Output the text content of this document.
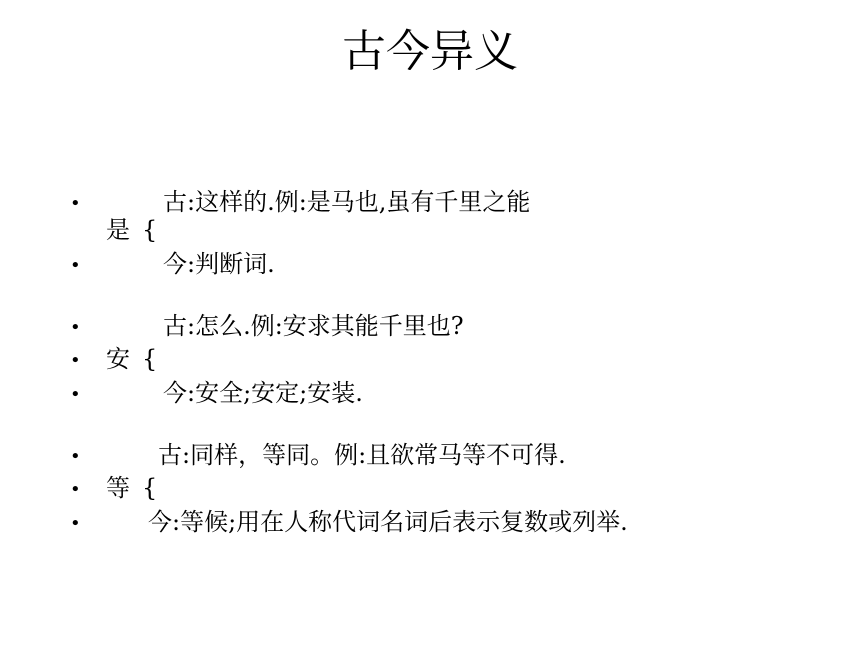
古今异义
•	古:这样的.例:是马也,虽有千里之能
是 {
•	今:判断词.
•	古:怎么.例:安求其能千里也?
• 安 {
•	今:安全;安定;安装.
•	古:同样，等同。例:且欲常马等不可得.
• 等 {
•	今:等候;用在人称代词名词后表示复数或列举.
